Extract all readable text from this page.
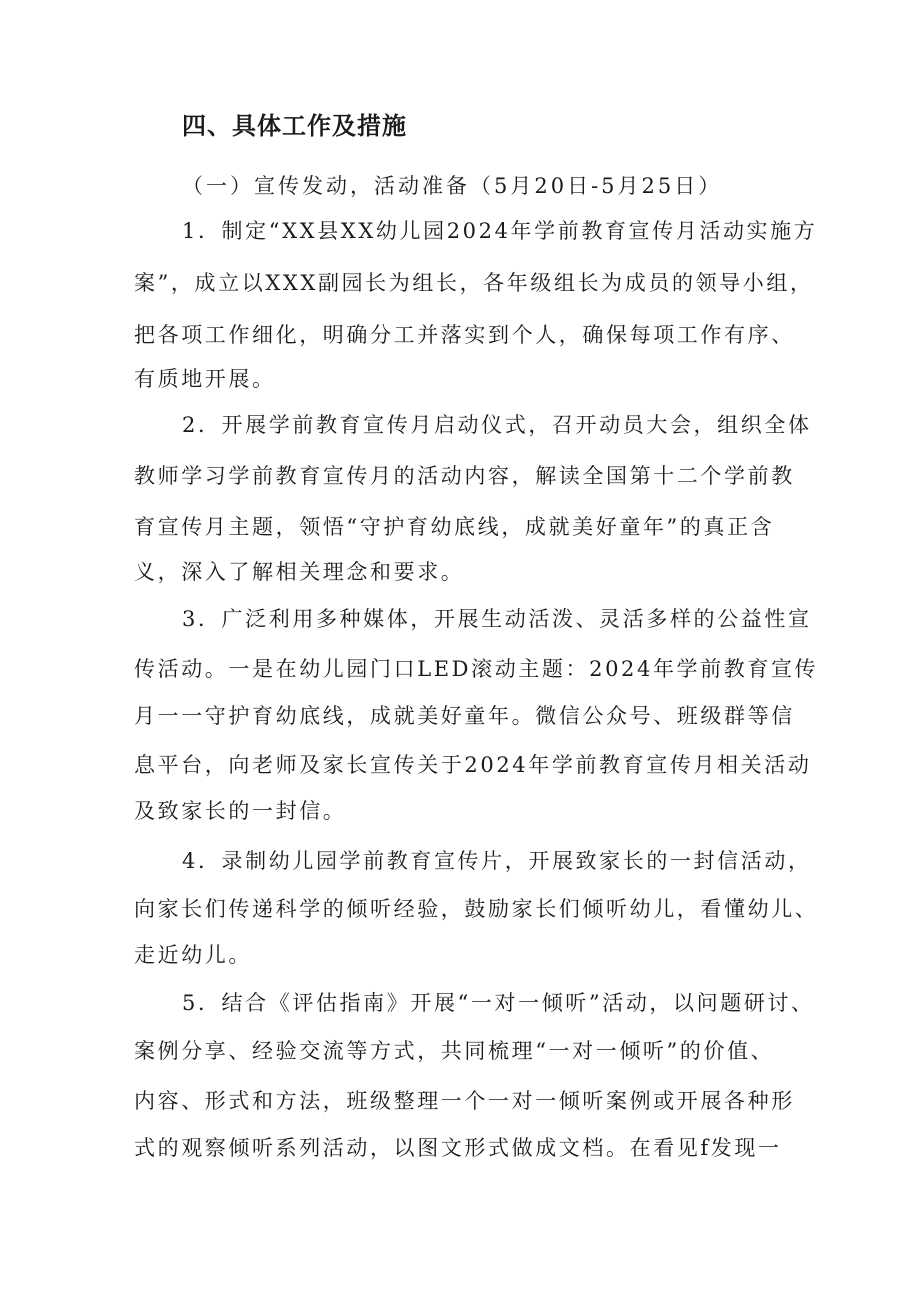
四、具体工作及措施
（一）宣传发动，活动准备（5月20日-5月25日）
1．制定“XX县XX幼儿园2024年学前教育宣传月活动实施方
案”，成立以XXX副园长为组长，各年级组长为成员的领导小组，
把各项工作细化，明确分工并落实到个人，确保每项工作有序、
有质地开展。
2．开展学前教育宣传月启动仪式，召开动员大会，组织全体
教师学习学前教育宣传月的活动内容，解读全国第十二个学前教
育宣传月主题，领悟“守护育幼底线，成就美好童年”的真正含
义，深入了解相关理念和要求。
3．广泛利用多种媒体，开展生动活泼、灵活多样的公益性宣
传活动。一是在幼儿园门口LED滚动主题：2024年学前教育宣传
月一一守护育幼底线，成就美好童年。微信公众号、班级群等信
息平台，向老师及家长宣传关于2024年学前教育宣传月相关活动
及致家长的一封信。
4．录制幼儿园学前教育宣传片，开展致家长的一封信活动，
向家长们传递科学的倾听经验，鼓励家长们倾听幼儿，看懂幼儿、
走近幼儿。
5．结合《评估指南》开展“一对一倾听”活动，以问题研讨、
案例分享、经验交流等方式，共同梳理“一对一倾听”的价值、
内容、形式和方法，班级整理一个一对一倾听案例或开展各种形
式的观察倾听系列活动，以图文形式做成文档。在看见f发现一
